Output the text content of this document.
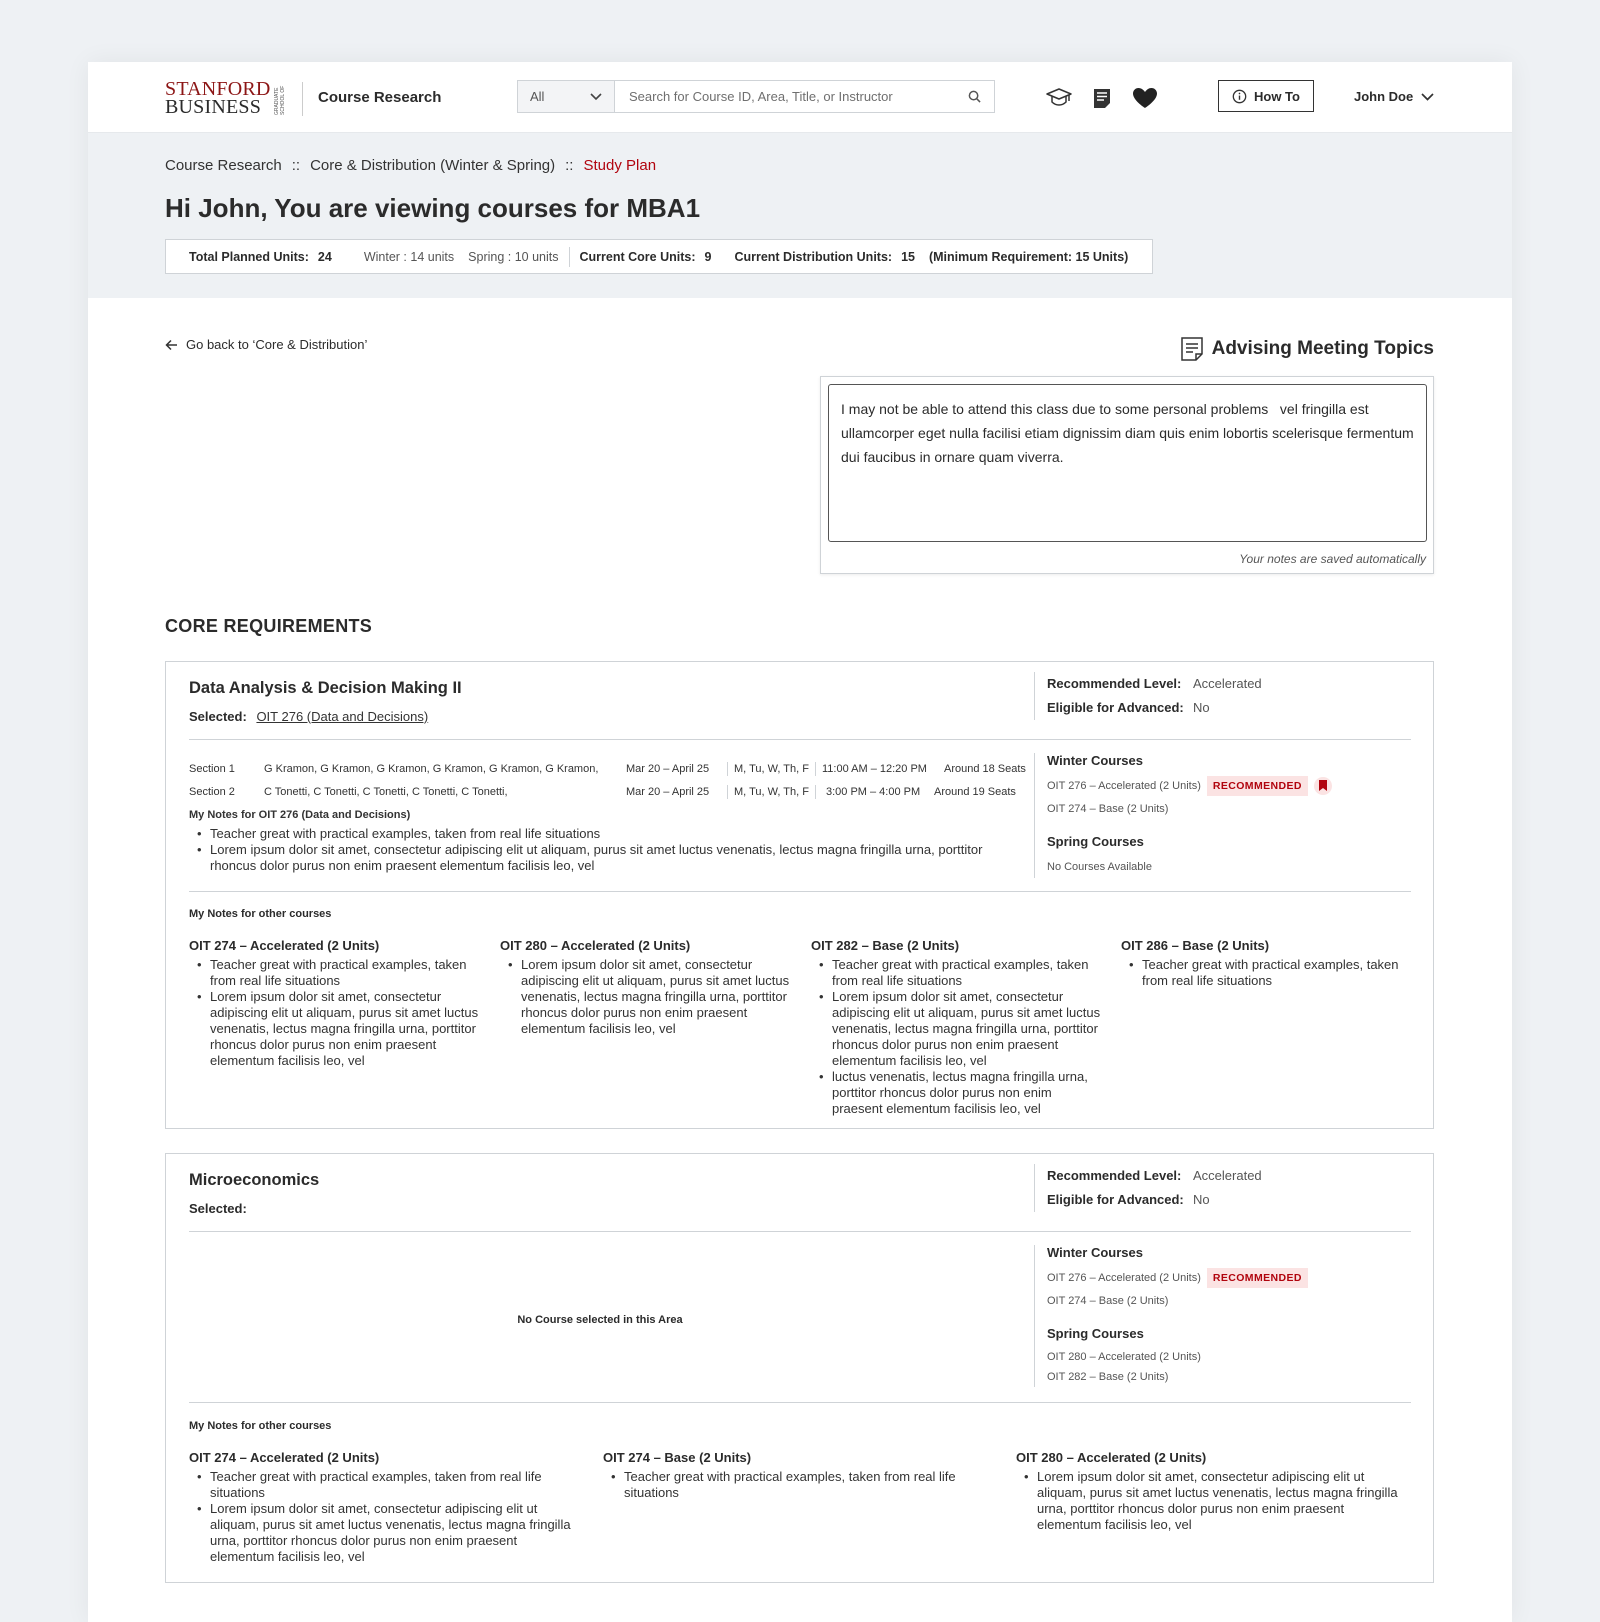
STANFORD
BUSINESS	GRADUATE SCHOOL OF Course Research	All
Search for Course ID, Area, Title, or Instructor	How To	John Doe
Course Research :: Core & Distribution (Winter & Spring) :: Study Plan
Hi John, You are viewing courses for MBA1
Total Planned Units: 24	Winter : 14 units Spring : 10 units Current Core Units: 9 Current Distribution Units: 15 (Minimum Requirement: 15 Units)
Go back to ‘Core & Distribution’	Advising Meeting Topics
I may not be able to attend this class due to some personal problems vel fringilla est ullamcorper eget nulla facilisi etiam dignissim diam quis enim lobortis scelerisque fermentum dui faucibus in ornare quam viverra.
Your notes are saved automatically
CORE REQUIREMENTS
Data Analysis & Decision Making II
Selected: OIT 276 (Data and Decisions)
Recommended Level: Accelerated
Eligible for Advanced: No
Section 1	G Kramon, G Kramon, G Kramon, G Kramon, G Kramon, G Kramon,	Mar 20 – April 25	M, Tu, W, Th, F 11:00 AM – 12:20 PM	Around 18 Seats
Section 2	C Tonetti, C Tonetti, C Tonetti, C Tonetti, C Tonetti,	Mar 20 – April 25	M, Tu, W, Th, F	3:00 PM – 4:00 PM	Around 19 Seats
My Notes for OIT 276 (Data and Decisions)
• Teacher great with practical examples, taken from real life situations
• Lorem ipsum dolor sit amet, consectetur adipiscing elit ut aliquam, purus sit amet luctus venenatis, lectus magna fringilla urna, porttitor rhoncus dolor purus non enim praesent elementum facilisis leo, vel
Winter Courses
OIT 276 – Accelerated (2 Units)	RECOMMENDED
OIT 274 – Base (2 Units)
Spring Courses
No Courses Available
My Notes for other courses
OIT 274 – Accelerated (2 Units)
• Teacher great with practical examples, taken from real life situations
• Lorem ipsum dolor sit amet, consectetur adipiscing elit ut aliquam, purus sit amet luctus venenatis, lectus magna fringilla urna, porttitor rhoncus dolor purus non enim praesent elementum facilisis leo, vel
OIT 280 – Accelerated (2 Units)
• Lorem ipsum dolor sit amet, consectetur adipiscing elit ut aliquam, purus sit amet luctus venenatis, lectus magna fringilla urna, porttitor rhoncus dolor purus non enim praesent elementum facilisis leo, vel
OIT 282 – Base (2 Units)
• Teacher great with practical examples, taken from real life situations
• Lorem ipsum dolor sit amet, consectetur adipiscing elit ut aliquam, purus sit amet luctus venenatis, lectus magna fringilla urna, porttitor rhoncus dolor purus non enim praesent elementum facilisis leo, vel
• luctus venenatis, lectus magna fringilla urna, porttitor rhoncus dolor purus non enim praesent elementum facilisis leo, vel
OIT 286 – Base (2 Units)
• Teacher great with practical examples, taken from real life situations
Microeconomics
Selected:
Recommended Level: Accelerated
Eligible for Advanced: No
No Course selected in this Area
Winter Courses
OIT 276 – Accelerated (2 Units)	RECOMMENDED
OIT 274 – Base (2 Units)
Spring Courses
OIT 280 – Accelerated (2 Units)
OIT 282 – Base (2 Units)
My Notes for other courses
OIT 274 – Accelerated (2 Units)
• Teacher great with practical examples, taken from real life situations
• Lorem ipsum dolor sit amet, consectetur adipiscing elit ut aliquam, purus sit amet luctus venenatis, lectus magna fringilla urna, porttitor rhoncus dolor purus non enim praesent elementum facilisis leo, vel
OIT 274 – Base (2 Units)
• Teacher great with practical examples, taken from real life situations
OIT 280 – Accelerated (2 Units)
• Lorem ipsum dolor sit amet, consectetur adipiscing elit ut aliquam, purus sit amet luctus venenatis, lectus magna fringilla urna, porttitor rhoncus dolor purus non enim praesent elementum facilisis leo, vel
